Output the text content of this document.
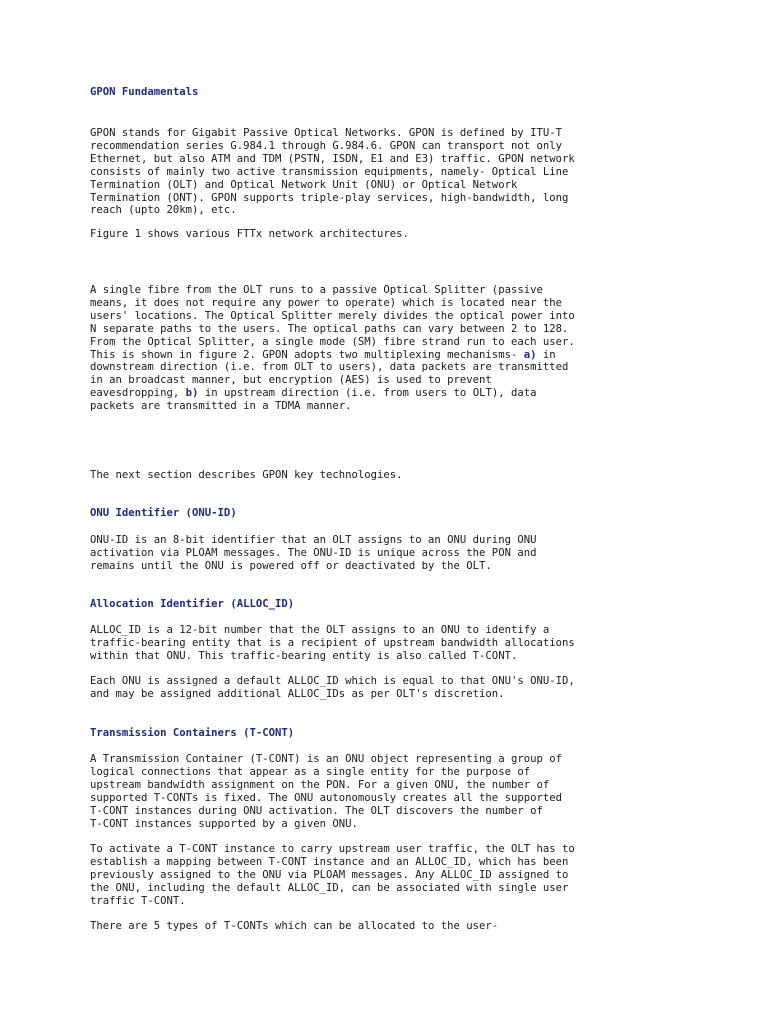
GPON Fundamentals

GPON stands for Gigabit Passive Optical Networks. GPON is defined by ITU-T
recommendation series G.984.1 through G.984.6. GPON can transport not only
Ethernet, but also ATM and TDM (PSTN, ISDN, E1 and E3) traffic. GPON network
consists of mainly two active transmission equipments, namely- Optical Line
Termination (OLT) and Optical Network Unit (ONU) or Optical Network
Termination (ONT). GPON supports triple-play services, high-bandwidth, long
reach (upto 20km), etc.

Figure 1 shows various FTTx network architectures.

A single fibre from the OLT runs to a passive Optical Splitter (passive
means, it does not require any power to operate) which is located near the
users' locations. The Optical Splitter merely divides the optical power into
N separate paths to the users. The optical paths can vary between 2 to 128.
From the Optical Splitter, a single mode (SM) fibre strand run to each user.
This is shown in figure 2. GPON adopts two multiplexing mechanisms- a) in
downstream direction (i.e. from OLT to users), data packets are transmitted
in an broadcast manner, but encryption (AES) is used to prevent
eavesdropping, b) in upstream direction (i.e. from users to OLT), data
packets are transmitted in a TDMA manner.

The next section describes GPON key technologies.

ONU Identifier (ONU-ID)

ONU-ID is an 8-bit identifier that an OLT assigns to an ONU during ONU
activation via PLOAM messages. The ONU-ID is unique across the PON and
remains until the ONU is powered off or deactivated by the OLT.

Allocation Identifier (ALLOC_ID)

ALLOC_ID is a 12-bit number that the OLT assigns to an ONU to identify a
traffic-bearing entity that is a recipient of upstream bandwidth allocations
within that ONU. This traffic-bearing entity is also called T-CONT.

Each ONU is assigned a default ALLOC_ID which is equal to that ONU's ONU-ID,
and may be assigned additional ALLOC_IDs as per OLT's discretion.

Transmission Containers (T-CONT)

A Transmission Container (T-CONT) is an ONU object representing a group of
logical connections that appear as a single entity for the purpose of
upstream bandwidth assignment on the PON. For a given ONU, the number of
supported T-CONTs is fixed. The ONU autonomously creates all the supported
T-CONT instances during ONU activation. The OLT discovers the number of
T-CONT instances supported by a given ONU.

To activate a T-CONT instance to carry upstream user traffic, the OLT has to
establish a mapping between T-CONT instance and an ALLOC_ID, which has been
previously assigned to the ONU via PLOAM messages. Any ALLOC_ID assigned to
the ONU, including the default ALLOC_ID, can be associated with single user
traffic T-CONT.

There are 5 types of T-CONTs which can be allocated to the user-
